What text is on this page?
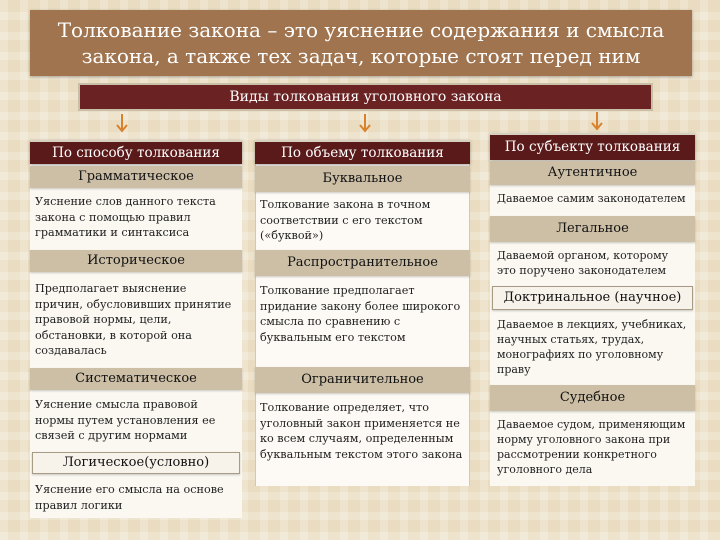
Толкование закона – это уяснение содержания и смысла
закона, а также тех задач, которые стоят перед ним
Виды толкования уголовного закона
По способу толкования
Грамматическое
Уяснение слов данного текста
закона с помощью правил
грамматики и синтаксиса
Историческое
Предполагает выяснение
причин, обусловивших принятие
правовой нормы, цели,
обстановки, в которой она
создавалась
Систематическое
Уяснение смысла правовой
нормы путем установления ее
связей с другим нормами
Логическое(условно)
Уяснение его смысла на основе
правил логики
По объему толкования
Буквальное
Толкование закона в точном
соответствии с его текстом
(«буквой»)
Распространительное
Толкование предполагает
придание закону более широкого
смысла по сравнению с
буквальным его текстом
Ограничительное
Толкование определяет, что
уголовный закон применяется не
ко всем случаям, определенным
буквальным текстом этого закона
По субъекту толкования
Аутентичное
Даваемое самим законодателем
Легальное
Даваемой органом, которому
это поручено законодателем
Доктринальное (научное)
Даваемое в лекциях, учебниках,
научных статьях, трудах,
монографиях по уголовному
праву
Судебное
Даваемое судом, применяющим
норму уголовного закона при
рассмотрении конкретного
уголовного дела
